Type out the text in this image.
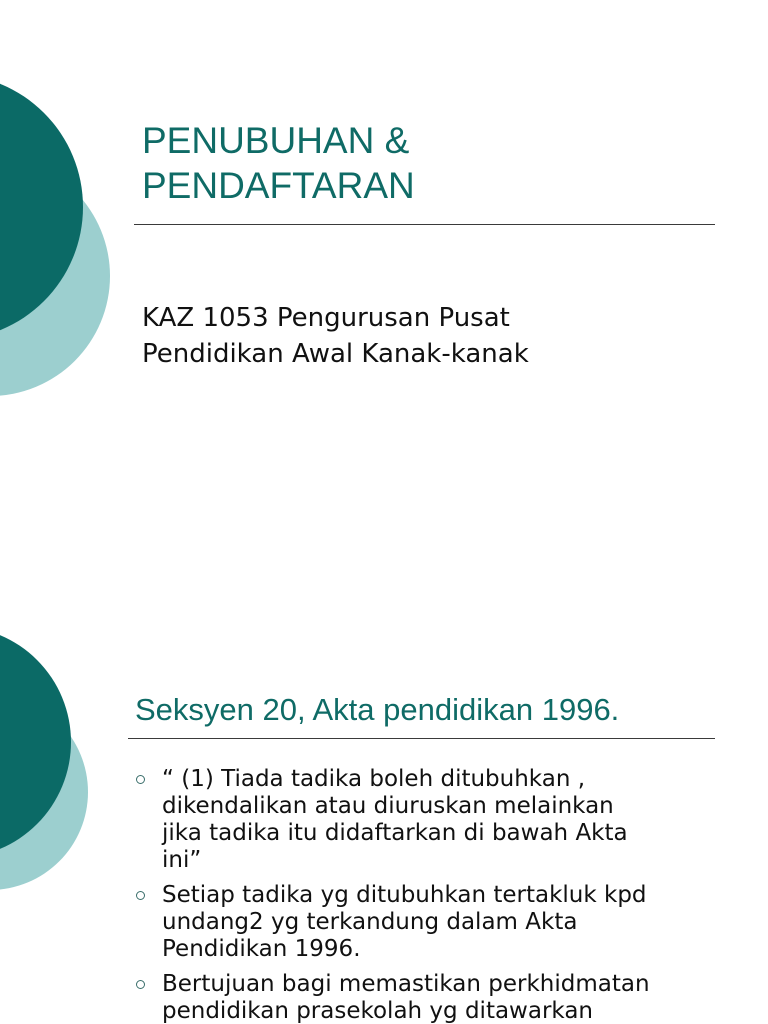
PENUBUHAN &
PENDAFTARAN
KAZ 1053 Pengurusan Pusat
Pendidikan Awal Kanak-kanak
Seksyen 20, Akta pendidikan 1996.
“ (1) Tiada tadika boleh ditubuhkan ,
dikendalikan atau diuruskan melainkan
jika tadika itu didaftarkan di bawah Akta
ini”
Setiap tadika yg ditubuhkan tertakluk kpd
undang2 yg terkandung dalam Akta
Pendidikan 1996.
Bertujuan bagi memastikan perkhidmatan
pendidikan prasekolah yg ditawarkan
